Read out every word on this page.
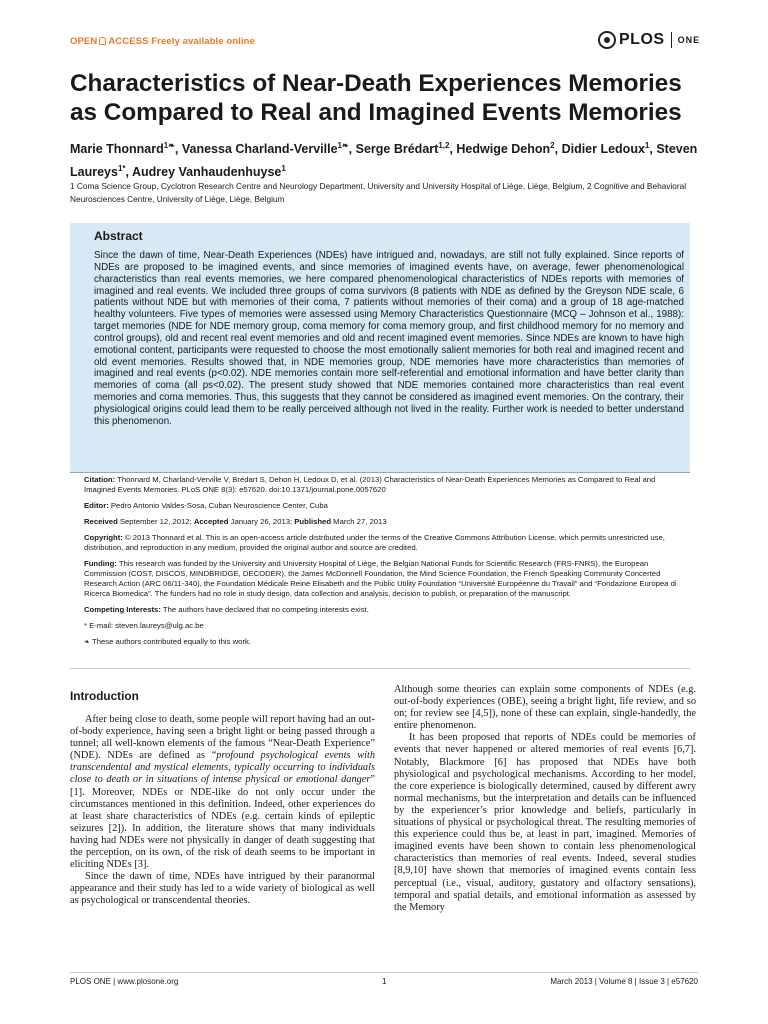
OPEN ACCESS Freely available online	PLOS ONE
Characteristics of Near-Death Experiences Memories as Compared to Real and Imagined Events Memories
Marie Thonnard$^{1❧}$, Vanessa Charland-Verville$^{1❧}$, Serge Brédart$^{1,2}$, Hedwige Dehon$^2$, Didier Ledoux$^1$, Steven Laureys$^{1*}$, Audrey Vanhaudenhuyse$^1$
1 Coma Science Group, Cyclotron Research Centre and Neurology Department, University and University Hospital of Liège, Liège, Belgium, 2 Cognitive and Behavioral Neurosciences Centre, University of Liège, Liège, Belgium
Abstract
Since the dawn of time, Near-Death Experiences (NDEs) have intrigued and, nowadays, are still not fully explained. Since reports of NDEs are proposed to be imagined events, and since memories of imagined events have, on average, fewer phenomenological characteristics than real events memories, we here compared phenomenological characteristics of NDEs reports with memories of imagined and real events. We included three groups of coma survivors (8 patients with NDE as defined by the Greyson NDE scale, 6 patients without NDE but with memories of their coma, 7 patients without memories of their coma) and a group of 18 age-matched healthy volunteers. Five types of memories were assessed using Memory Characteristics Questionnaire (MCQ – Johnson et al., 1988): target memories (NDE for NDE memory group, coma memory for coma memory group, and first childhood memory for no memory and control groups), old and recent real event memories and old and recent imagined event memories. Since NDEs are known to have high emotional content, participants were requested to choose the most emotionally salient memories for both real and imagined recent and old event memories. Results showed that, in NDE memories group, NDE memories have more characteristics than memories of imagined and real events (p<0.02). NDE memories contain more self-referential and emotional information and have better clarity than memories of coma (all ps<0.02). The present study showed that NDE memories contained more characteristics than real event memories and coma memories. Thus, this suggests that they cannot be considered as imagined event memories. On the contrary, their physiological origins could lead them to be really perceived although not lived in the reality. Further work is needed to better understand this phenomenon.

Citation: Thonnard M, Charland-Verville V, Brédart S, Dehon H, Ledoux D, et al. (2013) Characteristics of Near-Death Experiences Memories as Compared to Real and Imagined Events Memories. PLoS ONE 8(3): e57620. doi:10.1371/journal.pone.0057620

Editor: Pedro Antonio Valdes-Sosa, Cuban Neuroscience Center, Cuba

Received September 12, 2012; Accepted January 26, 2013; Published March 27, 2013

Copyright: © 2013 Thonnard et al. This is an open-access article distributed under the terms of the Creative Commons Attribution License, which permits unrestricted use, distribution, and reproduction in any medium, provided the original author and source are credited.

Funding: This research was funded by the University and University Hospital of Liège, the Belgian National Funds for Scientific Research (FRS-FNRS), the European Commission (COST, DISCOS, MINDBRIDGE, DECODER), the James McDonnell Foundation, the Mind Science Foundation, the French Speaking Community Concerted Research Action (ARC 06/11-340), the Foundation Médicale Reine Elisabeth and the Public Utility Foundation “Université Européenne du Travail” and “Fondazione Europea di Ricerca Biomedica”. The funders had no role in study design, data collection and analysis, decision to publish, or preparation of the manuscript.

Competing Interests: The authors have declared that no competing interests exist.

* E-mail: steven.laureys@ulg.ac.be

❧ These authors contributed equally to this work.

Introduction

After being close to death, some people will report having had an out-of-body experience, having seen a bright light or being passed through a tunnel; all well-known elements of the famous “Near-Death Experience” (NDE). NDEs are defined as “profound psychological events with transcendental and mystical elements, typically occurring to individuals close to death or in situations of intense physical or emotional danger” [1]. Moreover, NDEs or NDE-like do not only occur under the circumstances mentioned in this definition. Indeed, other experiences do at least share characteristics of NDEs (e.g. certain kinds of epileptic seizures [2]). In addition, the literature shows that many individuals having had NDEs were not physically in danger of death suggesting that the perception, on its own, of the risk of death seems to be important in eliciting NDEs [3].

Since the dawn of time, NDEs have intrigued by their paranormal appearance and their study has led to a wide variety of biological as well as psychological or transcendental theories.

Although some theories can explain some components of NDEs (e.g. out-of-body experiences (OBE), seeing a bright light, life review, and so on; for review see [4,5]), none of these can explain, single-handedly, the entire phenomenon.

It has been proposed that reports of NDEs could be memories of events that never happened or altered memories of real events [6,7]. Notably, Blackmore [6] has proposed that NDEs have both physiological and psychological mechanisms. According to her model, the core experience is biologically determined, caused by different awry normal mechanisms, but the interpretation and details can be influenced by the experiencer’s prior knowledge and beliefs, particularly in situations of physical or psychological threat. The resulting memories of this experience could thus be, at least in part, imagined. Memories of imagined events have been shown to contain less phenomenological characteristics than memories of real events. Indeed, several studies [8,9,10] have shown that memories of imagined events contain less perceptual (i.e., visual, auditory, gustatory and olfactory sensations), temporal and spatial details, and emotional information as assessed by the Memory

PLOS ONE | www.plosone.org	1	March 2013 | Volume 8 | Issue 3 | e57620
